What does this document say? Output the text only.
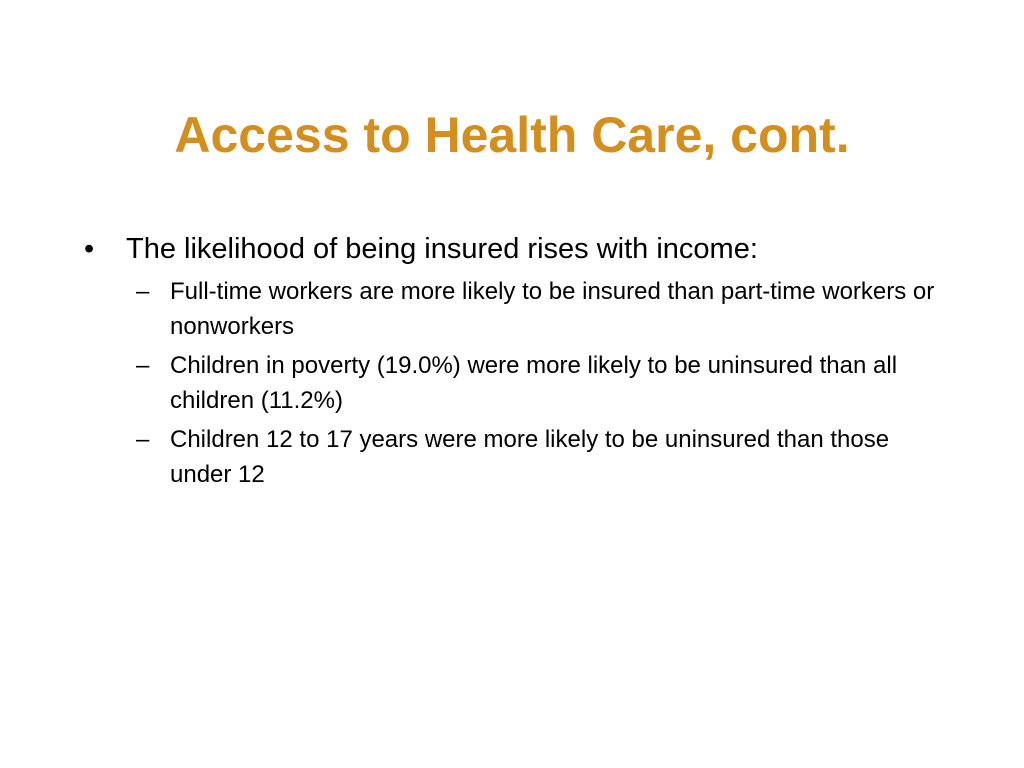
Access to Health Care, cont.
•	The likelihood of being insured rises with income:
– Full-time workers are more likely to be insured than part-time workers or nonworkers
– Children in poverty (19.0%) were more likely to be uninsured than all children (11.2%)
– Children 12 to 17 years were more likely to be uninsured than those under 12
